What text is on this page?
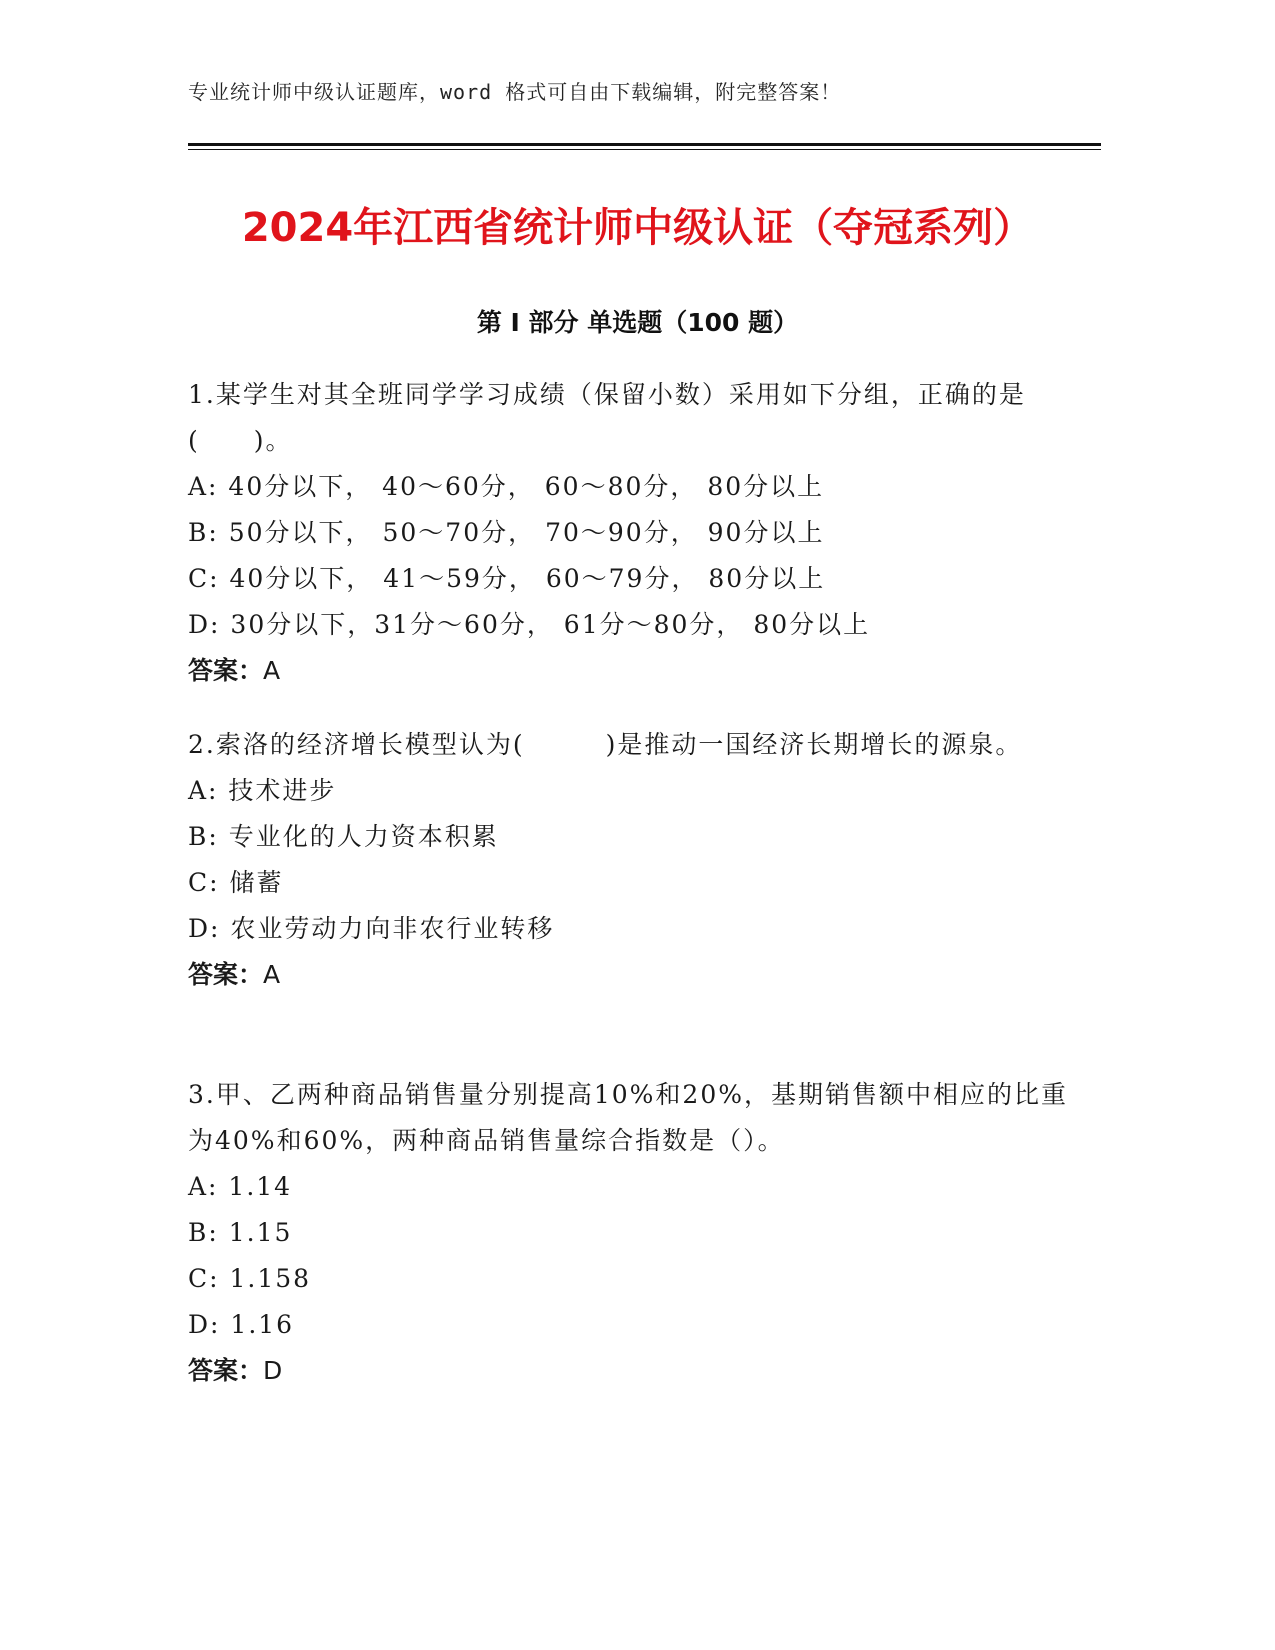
专业统计师中级认证题库，word 格式可自由下载编辑，附完整答案！
2024年江西省统计师中级认证（夺冠系列）
第 I 部分 单选题（100 题）

1.某学生对其全班同学学习成绩（保留小数）采用如下分组，正确的是(　　)。

A: 40分以下， 40～60分， 60～80分， 80分以上

B: 50分以下， 50～70分， 70～90分， 90分以上

C: 40分以下， 41～59分， 60～79分， 80分以上

D: 30分以下，31分～60分， 61分～80分， 80分以上

答案：A

2.索洛的经济增长模型认为(　　　)是推动一国经济长期增长的源泉。

A: 技术进步

B: 专业化的人力资本积累

C: 储蓄

D: 农业劳动力向非农行业转移

答案：A

3.甲、乙两种商品销售量分别提高10%和20%，基期销售额中相应的比重为40%和60%，两种商品销售量综合指数是（）。

A: 1.14

B: 1.15

C: 1.158

D: 1.16

答案：D
